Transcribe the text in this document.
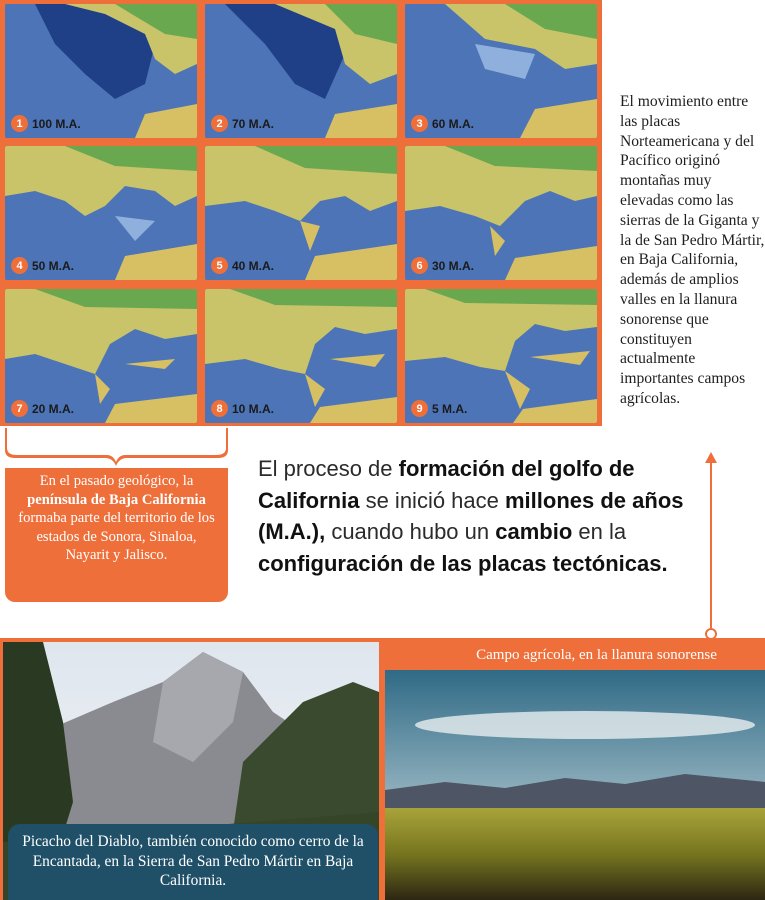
1 100 M.A.	2 70 M.A.	3 60 M.A.
4 50 M.A.	5 40 M.A.	6 30 M.A.
7 20 M.A.	8 10 M.A.	9 5 M.A.
El movimiento entre las placas Norteamericana y del Pacífico originó montañas muy elevadas como las sierras de la Giganta y la de San Pedro Mártir, en Baja California, además de amplios valles en la llanura sonorense que constituyen actualmente importantes campos agrícolas.
En el pasado geológico, la península de Baja California formaba parte del territorio de los estados de Sonora, Sinaloa, Nayarit y Jalisco.
El proceso de formación del golfo de California se inició hace millones de años (M.A.), cuando hubo un cambio en la configuración de las placas tectónicas.
Campo agrícola, en la llanura sonorense
Picacho del Diablo, también conocido como cerro de la Encantada, en la Sierra de San Pedro Mártir en Baja California.
